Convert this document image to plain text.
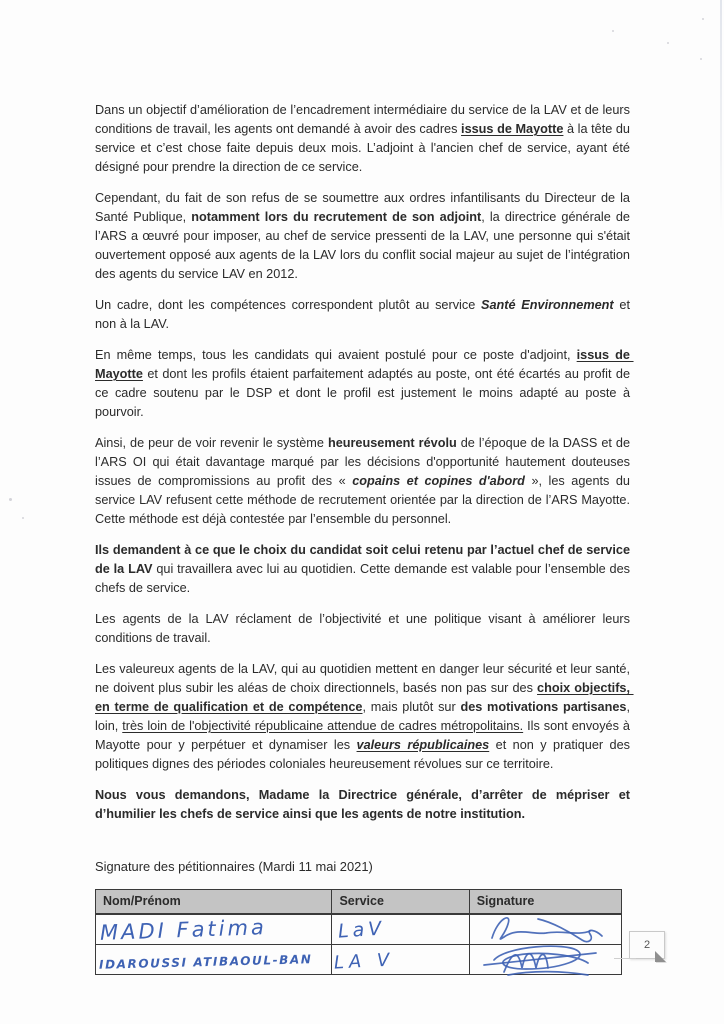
Dans un objectif d’amélioration de l’encadrement intermédiaire du service de la LAV et de leurs conditions de travail, les agents ont demandé à avoir des cadres issus de Mayotte à la tête du service et c’est chose faite depuis deux mois. L’adjoint à l'ancien chef de service, ayant été désigné pour prendre la direction de ce service.

Cependant, du fait de son refus de se soumettre aux ordres infantilisants du Directeur de la Santé Publique, notamment lors du recrutement de son adjoint, la directrice générale de l’ARS a œuvré pour imposer, au chef de service pressenti de la LAV, une personne qui s'était ouvertement opposé aux agents de la LAV lors du conflit social majeur au sujet de l’intégration des agents du service LAV en 2012.

Un cadre, dont les compétences correspondent plutôt au service Santé Environnement et non à la LAV.

En même temps, tous les candidats qui avaient postulé pour ce poste d'adjoint, issus de Mayotte et dont les profils étaient parfaitement adaptés au poste, ont été écartés au profit de ce cadre soutenu par le DSP et dont le profil est justement le moins adapté au poste à pourvoir.

Ainsi, de peur de voir revenir le système heureusement révolu de l’époque de la DASS et de l’ARS OI qui était davantage marqué par les décisions d'opportunité hautement douteuses issues de compromissions au profit des « copains et copines d'abord », les agents du service LAV refusent cette méthode de recrutement orientée par la direction de l’ARS Mayotte. Cette méthode est déjà contestée par l’ensemble du personnel.

Ils demandent à ce que le choix du candidat soit celui retenu par l’actuel chef de service de la LAV qui travaillera avec lui au quotidien. Cette demande est valable pour l’ensemble des chefs de service.

Les agents de la LAV réclament de l’objectivité et une politique visant à améliorer leurs conditions de travail.

Les valeureux agents de la LAV, qui au quotidien mettent en danger leur sécurité et leur santé, ne doivent plus subir les aléas de choix directionnels, basés non pas sur des choix objectifs, en terme de qualification et de compétence, mais plutôt sur des motivations partisanes, loin, très loin de l'objectivité républicaine attendue de cadres métropolitains. Ils sont envoyés à Mayotte pour y perpétuer et dynamiser les valeurs républicaines et non y pratiquer des politiques dignes des périodes coloniales heureusement révolues sur ce territoire.

Nous vous demandons, Madame la Directrice générale, d’arrêter de mépriser et d’humilier les chefs de service ainsi que les agents de notre institution.

Signature des pétitionnaires (Mardi 11 mai 2021)
Nom/Prénom	Service	Signature
MADI Fatima	LaV	

IDAROUSSI ATIBAOUL-BAN	LA V	
2
